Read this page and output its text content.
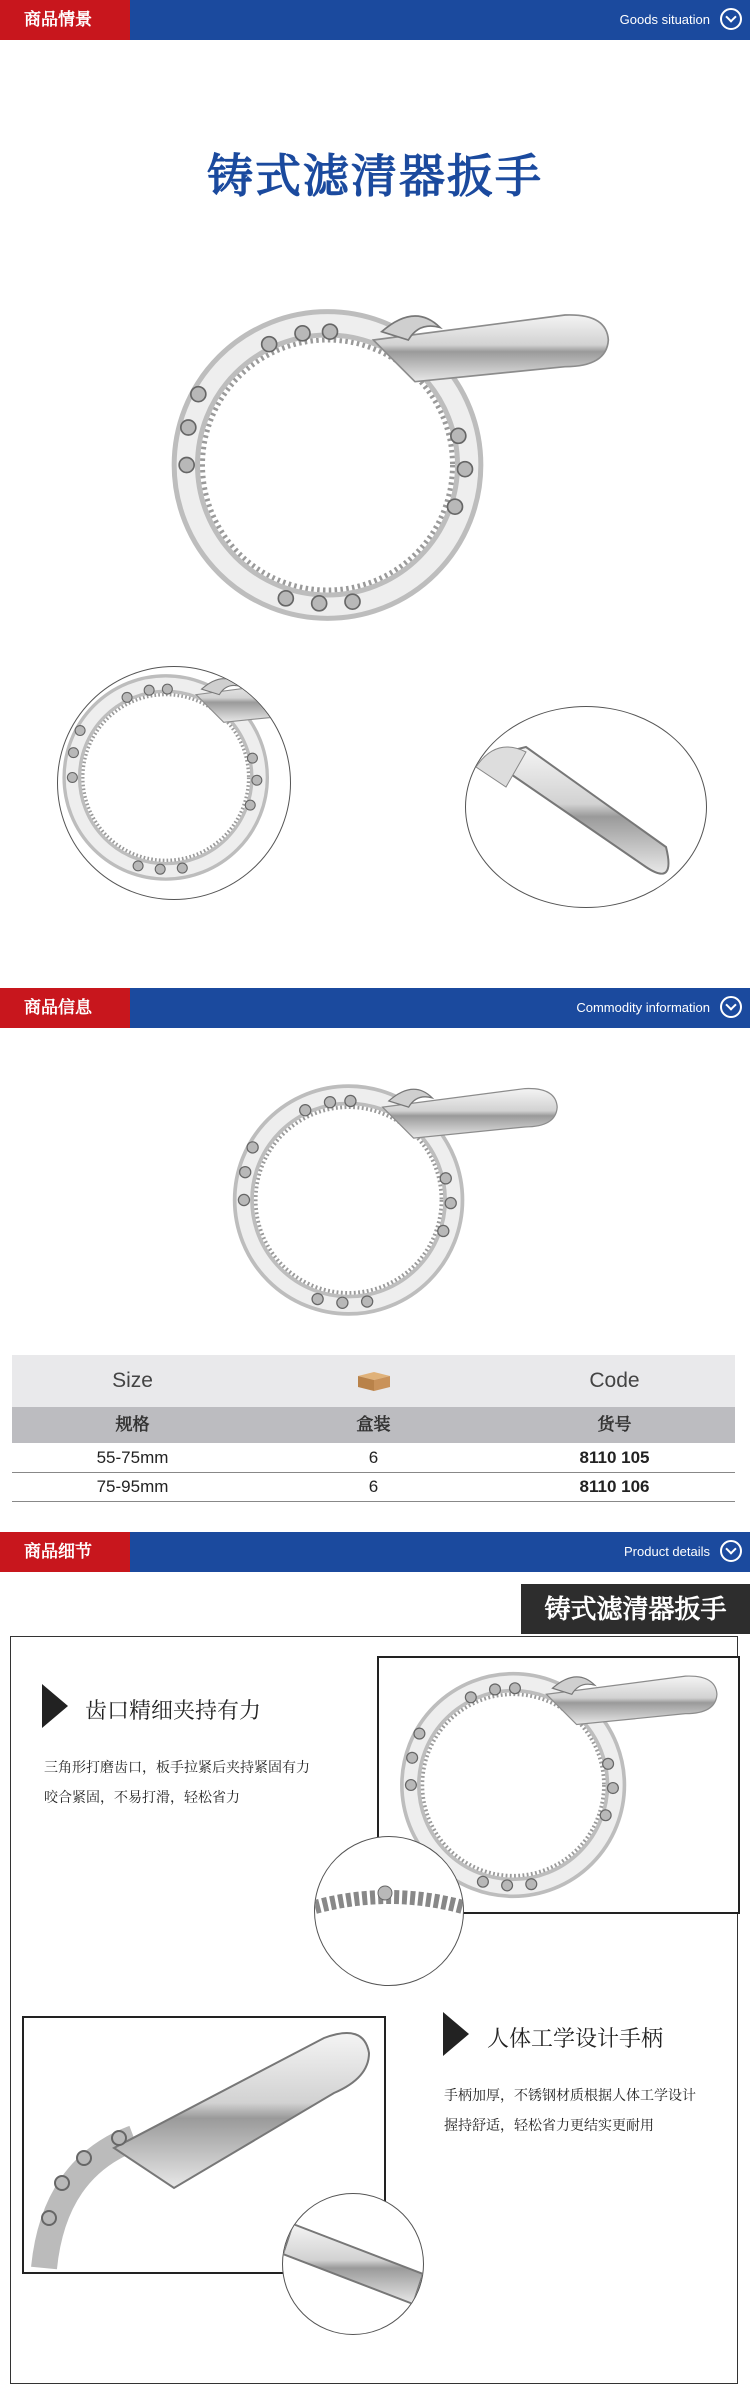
商品情景	Goods situation
铸式滤清器扳手
商品信息	Commodity information
Size	Code
规格	盒装	货号
55-75mm	6	8110 105
75-95mm	6	8110 106
商品细节	Product details
铸式滤清器扳手
齿口精细夹持有力
三角形打磨齿口，板手拉紧后夹持紧固有力
咬合紧固，不易打滑，轻松省力
人体工学设计手柄
手柄加厚，不锈钢材质根据人体工学设计
握持舒适，轻松省力更结实更耐用
